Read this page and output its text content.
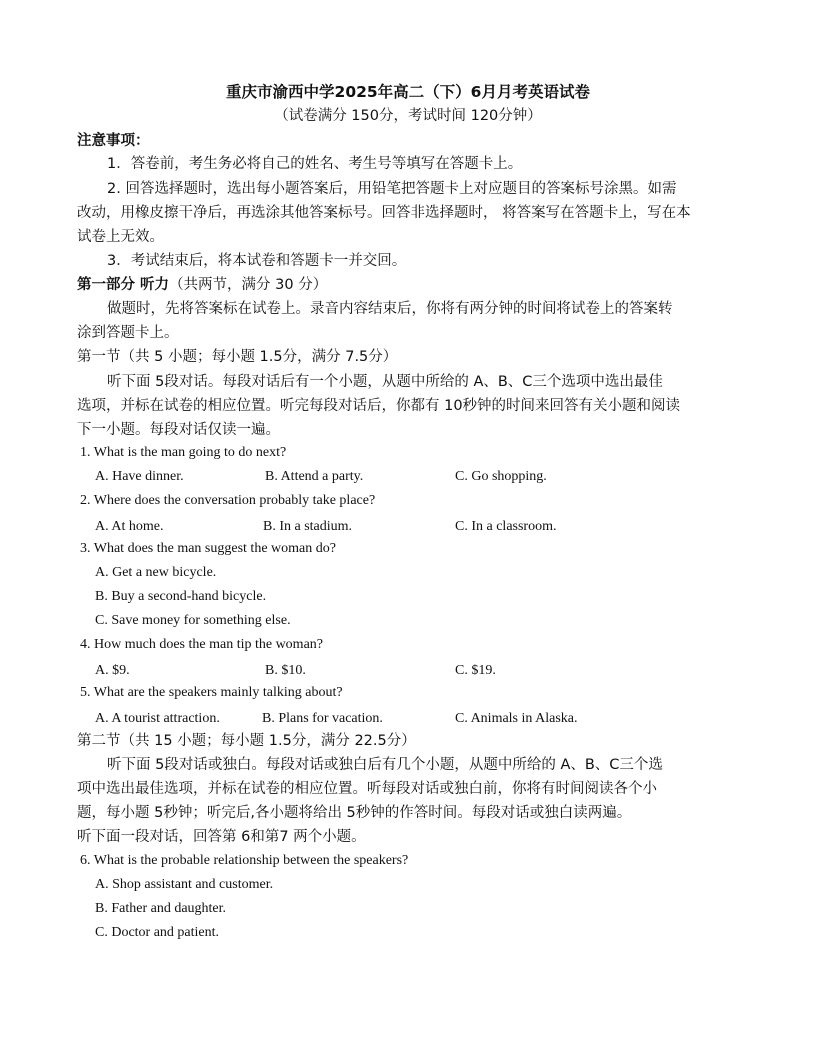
重庆市渝西中学2025年高二（下）6月月考英语试卷
（试卷满分 150分，考试时间 120分钟）
注意事项：
1．答卷前，考生务必将自己的姓名、考生号等填写在答题卡上。
2. 回答选择题时，选出每小题答案后，用铅笔把答题卡上对应题目的答案标号涂黑。如需
改动，用橡皮擦干净后，再选涂其他答案标号。回答非选择题时， 将答案写在答题卡上，写在本
试卷上无效。
3．考试结束后，将本试卷和答题卡一并交回。
第一部分 听力（共两节，满分 30 分）
做题时，先将答案标在试卷上。录音内容结束后，你将有两分钟的时间将试卷上的答案转
涂到答题卡上。
第一节（共 5 小题；每小题 1.5分，满分 7.5分）
听下面 5段对话。每段对话后有一个小题，从题中所给的 A、B、C三个选项中选出最佳
选项，并标在试卷的相应位置。听完每段对话后，你都有 10秒钟的时间来回答有关小题和阅读
下一小题。每段对话仅读一遍。
1. What is the man going to do next?
A. Have dinner.	B. Attend a party.	C. Go shopping.
2. Where does the conversation probably take place?
A. At home.	B. In a stadium.	C. In a classroom.
3. What does the man suggest the woman do?
A. Get a new bicycle.
B. Buy a second-hand bicycle.
C. Save money for something else.
4. How much does the man tip the woman?
A. $9.	B. $10.	C. $19.
5. What are the speakers mainly talking about?
A. A tourist attraction.	B. Plans for vacation.	C. Animals in Alaska.
第二节（共 15 小题；每小题 1.5分，满分 22.5分）
听下面 5段对话或独白。每段对话或独白后有几个小题，从题中所给的 A、B、C三个选
项中选出最佳选项，并标在试卷的相应位置。听每段对话或独白前，你将有时间阅读各个小
题，每小题 5秒钟；听完后,各小题将给出 5秒钟的作答时间。每段对话或独白读两遍。
听下面一段对话，回答第 6和第7 两个小题。
6. What is the probable relationship between the speakers?
A. Shop assistant and customer.
B. Father and daughter.
C. Doctor and patient.
